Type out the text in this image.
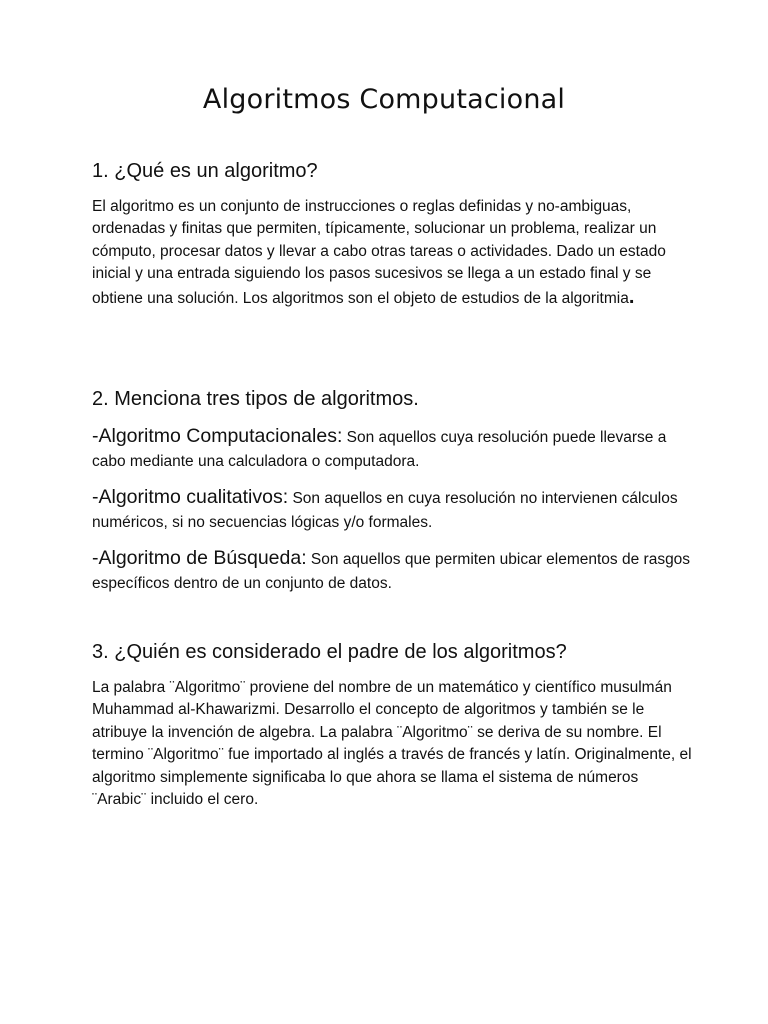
Algoritmos Computacional
1. ¿Qué es un algoritmo?

El algoritmo es un conjunto de instrucciones o reglas definidas y no-ambiguas, ordenadas y finitas que permiten, típicamente, solucionar un problema, realizar un cómputo, procesar datos y llevar a cabo otras tareas o actividades. Dado un estado inicial y una entrada siguiendo los pasos sucesivos se llega a un estado final y se obtiene una solución. Los algoritmos son el objeto de estudios de la algoritmia.

2. Menciona tres tipos de algoritmos.

-Algoritmo Computacionales: Son aquellos cuya resolución puede llevarse a cabo mediante una calculadora o computadora.

-Algoritmo cualitativos: Son aquellos en cuya resolución no intervienen cálculos numéricos, si no secuencias lógicas y/o formales.

-Algoritmo de Búsqueda: Son aquellos que permiten ubicar elementos de rasgos específicos dentro de un conjunto de datos.

3. ¿Quién es considerado el padre de los algoritmos?

La palabra ¨Algoritmo¨ proviene del nombre de un matemático y científico musulmán Muhammad al-Khawarizmi. Desarrollo el concepto de algoritmos y también se le atribuye la invención de algebra. La palabra ¨Algoritmo¨ se deriva de su nombre. El termino ¨Algoritmo¨ fue importado al inglés a través de francés y latín. Originalmente, el algoritmo simplemente significaba lo que ahora se llama el sistema de números ¨Arabic¨ incluido el cero.
